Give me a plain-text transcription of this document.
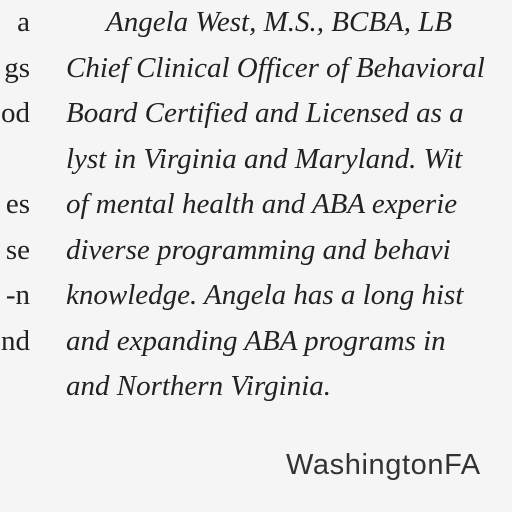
a
gs
od
es
se
n-
nd
Angela West, M.S., BCBA, LB
Chief Clinical Officer of Behavioral
Board Certified and Licensed as a
lyst in Virginia and Maryland. Wit
of mental health and ABA experie
diverse programming and behavi
knowledge. Angela has a long hist
and expanding ABA programs in
and Northern Virginia.
WashingtonFA
